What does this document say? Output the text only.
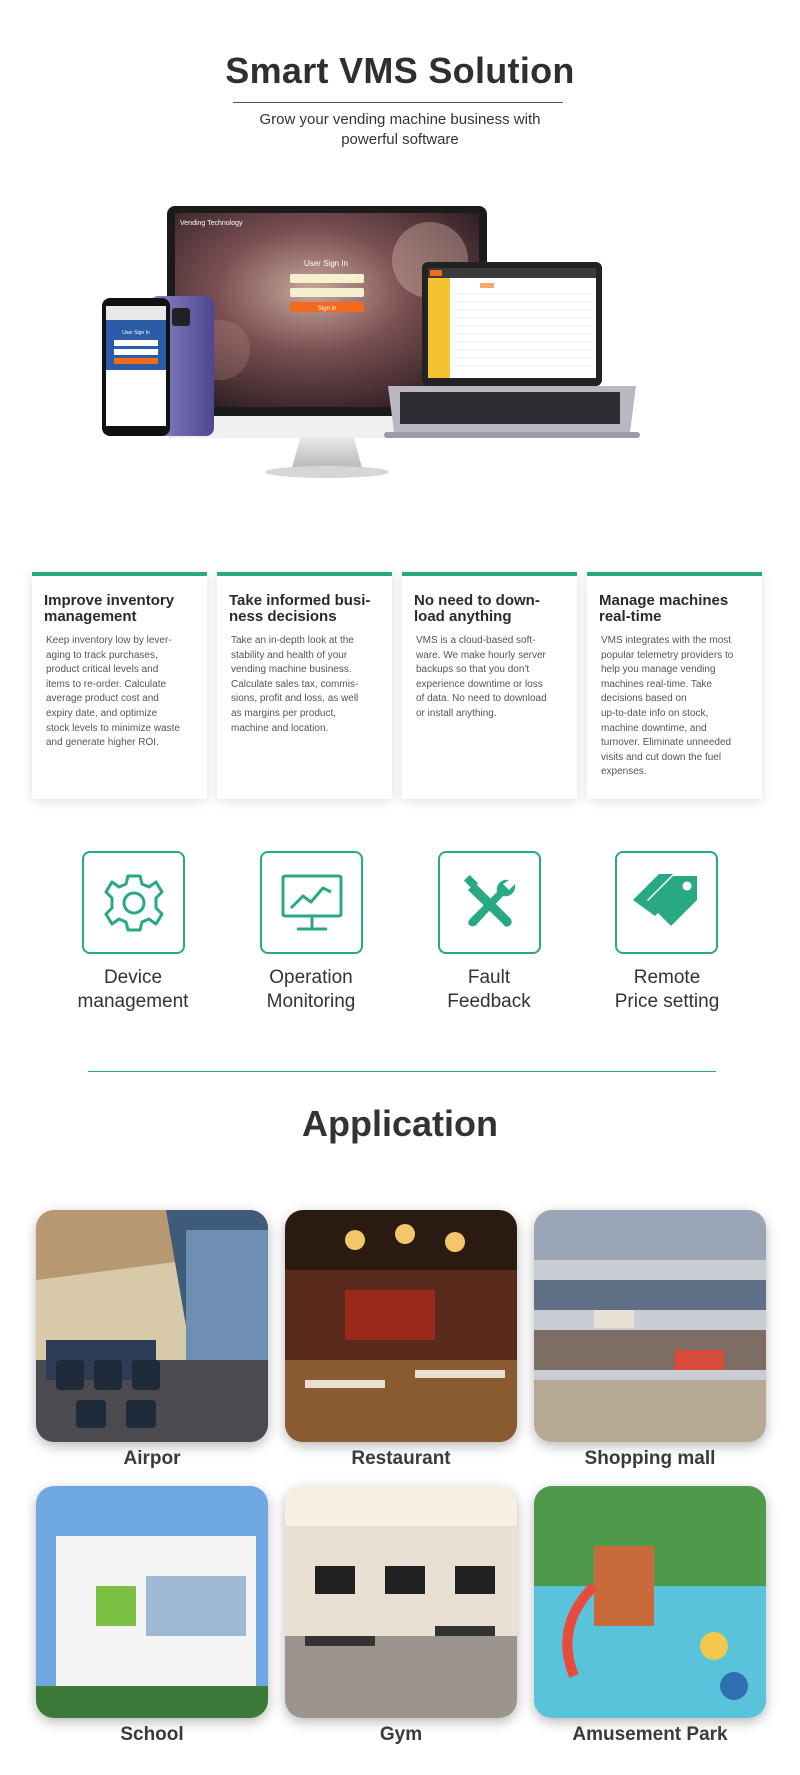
Smart VMS Solution
Grow your vending machine business with
powerful software
Vending Technology
User Sign In
Sign in
User Sign In
Improve inventory
management

Keep inventory low by lever-
aging to track purchases,
product critical levels and
items to re-order. Calculate
average product cost and
expiry date, and optimize
stock levels to minimize waste
and generate higher ROI.

Take informed busi-
ness decisions

Take an in-depth look at the
stability and health of your
vending machine business.
Calculate sales tax, commis-
sions, profit and loss, as well
as margins per product,
machine and location.

No need to down-
load anything

VMS is a cloud-based soft-
ware. We make hourly server
backups so that you don't
experience downtime or loss
of data. No need to download
or install anything.

Manage machines
real-time

VMS integrates with the most
popular telemetry providers to
help you manage vending
machines real-time. Take
decisions based on
up-to-date info on stock,
machine downtime, and
turnover. Eliminate unneeded
visits and cut down the fuel
expenses.

Device
management
Operation
Monitoring
Fault
Feedback
Remote
Price setting
Application
Airpor	Restaurant	Shopping mall
School	Gym	Amusement Park
